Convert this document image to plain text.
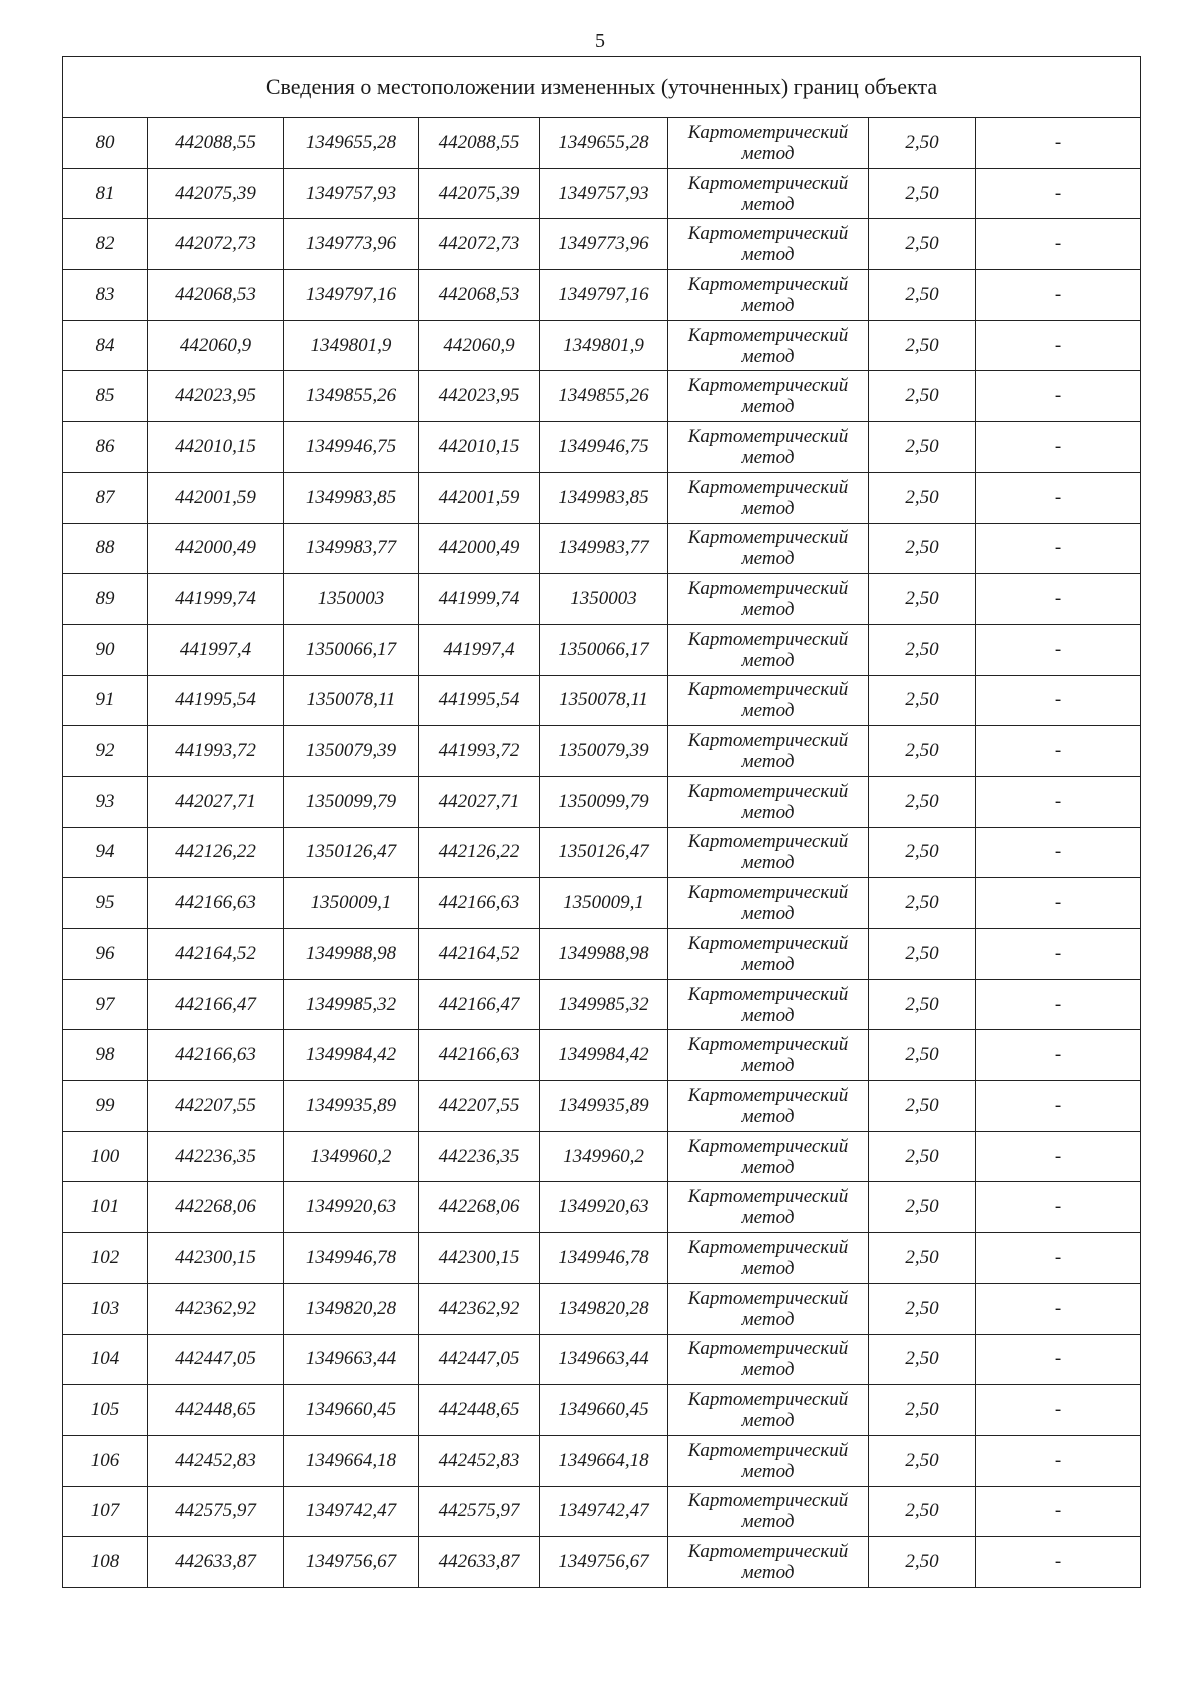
5
Сведения о местоположении измененных (уточненных) границ объекта							
80	442088,55	1349655,28	442088,55	1349655,28	Картометрический
метод	2,50	-
81	442075,39	1349757,93	442075,39	1349757,93	Картометрический
метод	2,50	-
82	442072,73	1349773,96	442072,73	1349773,96	Картометрический
метод	2,50	-
83	442068,53	1349797,16	442068,53	1349797,16	Картометрический
метод	2,50	-
84	442060,9	1349801,9	442060,9	1349801,9	Картометрический
метод	2,50	-
85	442023,95	1349855,26	442023,95	1349855,26	Картометрический
метод	2,50	-
86	442010,15	1349946,75	442010,15	1349946,75	Картометрический
метод	2,50	-
87	442001,59	1349983,85	442001,59	1349983,85	Картометрический
метод	2,50	-
88	442000,49	1349983,77	442000,49	1349983,77	Картометрический
метод	2,50	-
89	441999,74	1350003	441999,74	1350003	Картометрический
метод	2,50	-
90	441997,4	1350066,17	441997,4	1350066,17	Картометрический
метод	2,50	-
91	441995,54	1350078,11	441995,54	1350078,11	Картометрический
метод	2,50	-
92	441993,72	1350079,39	441993,72	1350079,39	Картометрический
метод	2,50	-
93	442027,71	1350099,79	442027,71	1350099,79	Картометрический
метод	2,50	-
94	442126,22	1350126,47	442126,22	1350126,47	Картометрический
метод	2,50	-
95	442166,63	1350009,1	442166,63	1350009,1	Картометрический
метод	2,50	-
96	442164,52	1349988,98	442164,52	1349988,98	Картометрический
метод	2,50	-
97	442166,47	1349985,32	442166,47	1349985,32	Картометрический
метод	2,50	-
98	442166,63	1349984,42	442166,63	1349984,42	Картометрический
метод	2,50	-
99	442207,55	1349935,89	442207,55	1349935,89	Картометрический
метод	2,50	-
100	442236,35	1349960,2	442236,35	1349960,2	Картометрический
метод	2,50	-
101	442268,06	1349920,63	442268,06	1349920,63	Картометрический
метод	2,50	-
102	442300,15	1349946,78	442300,15	1349946,78	Картометрический
метод	2,50	-
103	442362,92	1349820,28	442362,92	1349820,28	Картометрический
метод	2,50	-
104	442447,05	1349663,44	442447,05	1349663,44	Картометрический
метод	2,50	-
105	442448,65	1349660,45	442448,65	1349660,45	Картометрический
метод	2,50	-
106	442452,83	1349664,18	442452,83	1349664,18	Картометрический
метод	2,50	-
107	442575,97	1349742,47	442575,97	1349742,47	Картометрический
метод	2,50	-
108	442633,87	1349756,67	442633,87	1349756,67	Картометрический
метод	2,50	-
